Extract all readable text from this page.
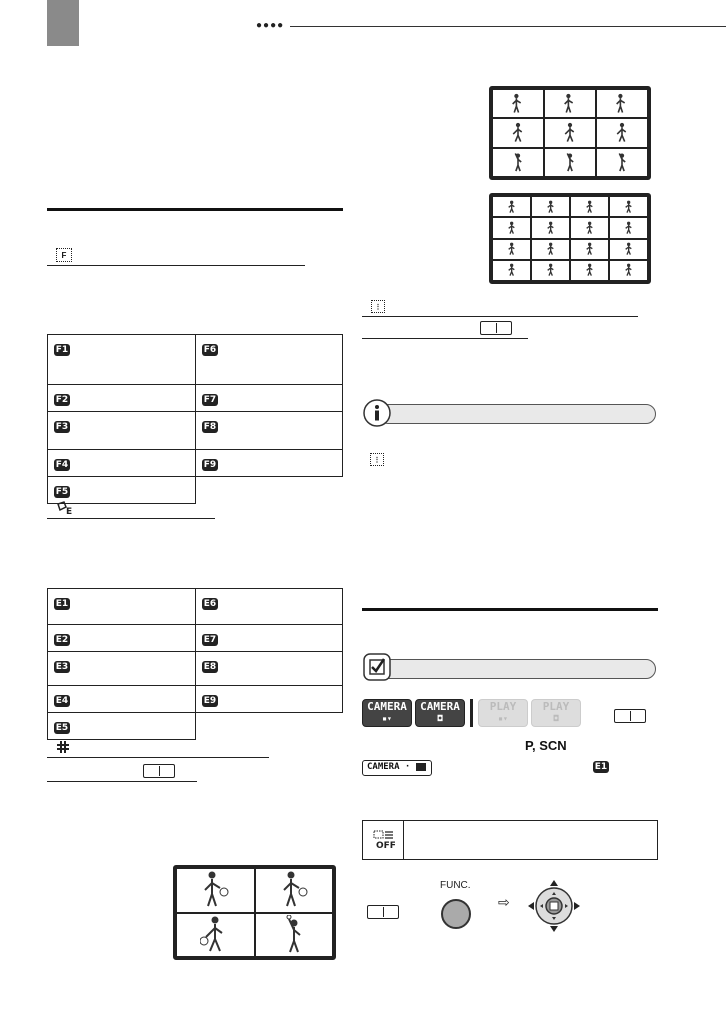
●●●●
F
F1	F6
F2	F7
F3	F8
F4	F9
F5	
E
E1	E6
E2	E7
E3	E8
E4	E9
E5	
⋮
⋮
CAMERA
▪▾
CAMERA
◘
PLAY
▪▾
PLAY
◘
P, SCN
CAMERA ·	E1
OFF
FUNC.
⇨
